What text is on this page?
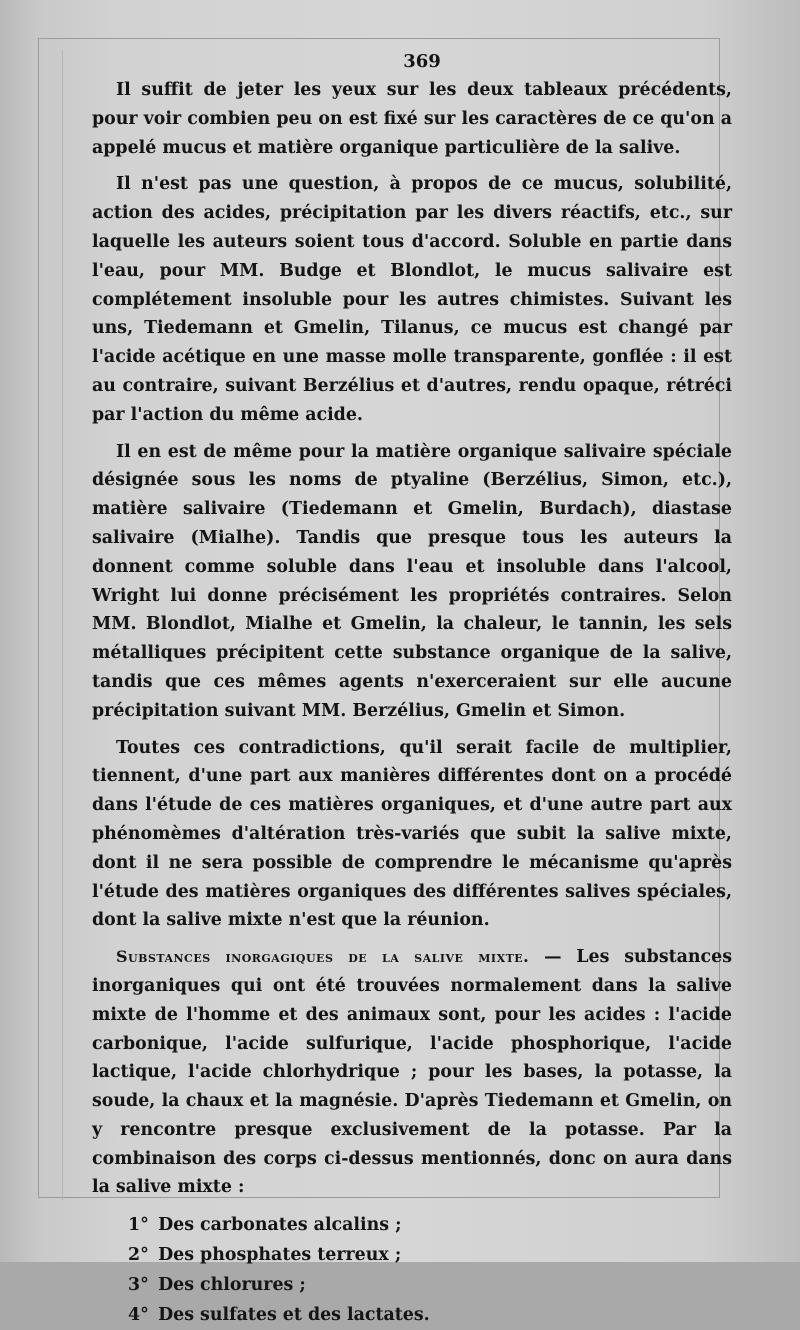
369

Il suffit de jeter les yeux sur les deux tableaux précédents, pour voir combien peu on est fixé sur les caractères de ce qu'on a appelé mucus et matière organique particulière de la salive.

Il n'est pas une question, à propos de ce mucus, solubilité, action des acides, précipitation par les divers réactifs, etc., sur laquelle les auteurs soient tous d'accord. Soluble en partie dans l'eau, pour MM. Budge et Blondlot, le mucus salivaire est complétement insoluble pour les autres chimistes. Suivant les uns, Tiedemann et Gmelin, Tilanus, ce mucus est changé par l'acide acétique en une masse molle transparente, gonflée : il est au contraire, suivant Berzélius et d'autres, rendu opaque, rétréci par l'action du même acide.

Il en est de même pour la matière organique salivaire spéciale désignée sous les noms de ptyaline (Berzélius, Simon, etc.), matière salivaire (Tiedemann et Gmelin, Burdach), diastase salivaire (Mialhe). Tandis que presque tous les auteurs la donnent comme soluble dans l'eau et insoluble dans l'alcool, Wright lui donne précisément les propriétés contraires. Selon MM. Blondlot, Mialhe et Gmelin, la chaleur, le tannin, les sels métalliques précipitent cette substance organique de la salive, tandis que ces mêmes agents n'exerceraient sur elle aucune précipitation suivant MM. Berzélius, Gmelin et Simon.

Toutes ces contradictions, qu'il serait facile de multiplier, tiennent, d'une part aux manières différentes dont on a procédé dans l'étude de ces matières organiques, et d'une autre part aux phénomèmes d'altération très-variés que subit la salive mixte, dont il ne sera possible de comprendre le mécanisme qu'après l'étude des matières organiques des différentes salives spéciales, dont la salive mixte n'est que la réunion.

Substances inorgagiques de la salive mixte. — Les substances inorganiques qui ont été trouvées normalement dans la salive mixte de l'homme et des animaux sont, pour les acides : l'acide carbonique, l'acide sulfurique, l'acide phosphorique, l'acide lactique, l'acide chlorhydrique ; pour les bases, la potasse, la soude, la chaux et la magnésie. D'après Tiedemann et Gmelin, on y rencontre presque exclusivement de la potasse. Par la combinaison des corps ci-dessus mentionnés, donc on aura dans la salive mixte :

1° Des carbonates alcalins ;
2° Des phosphates terreux ;
3° Des chlorures ;
4° Des sulfates et des lactates.
